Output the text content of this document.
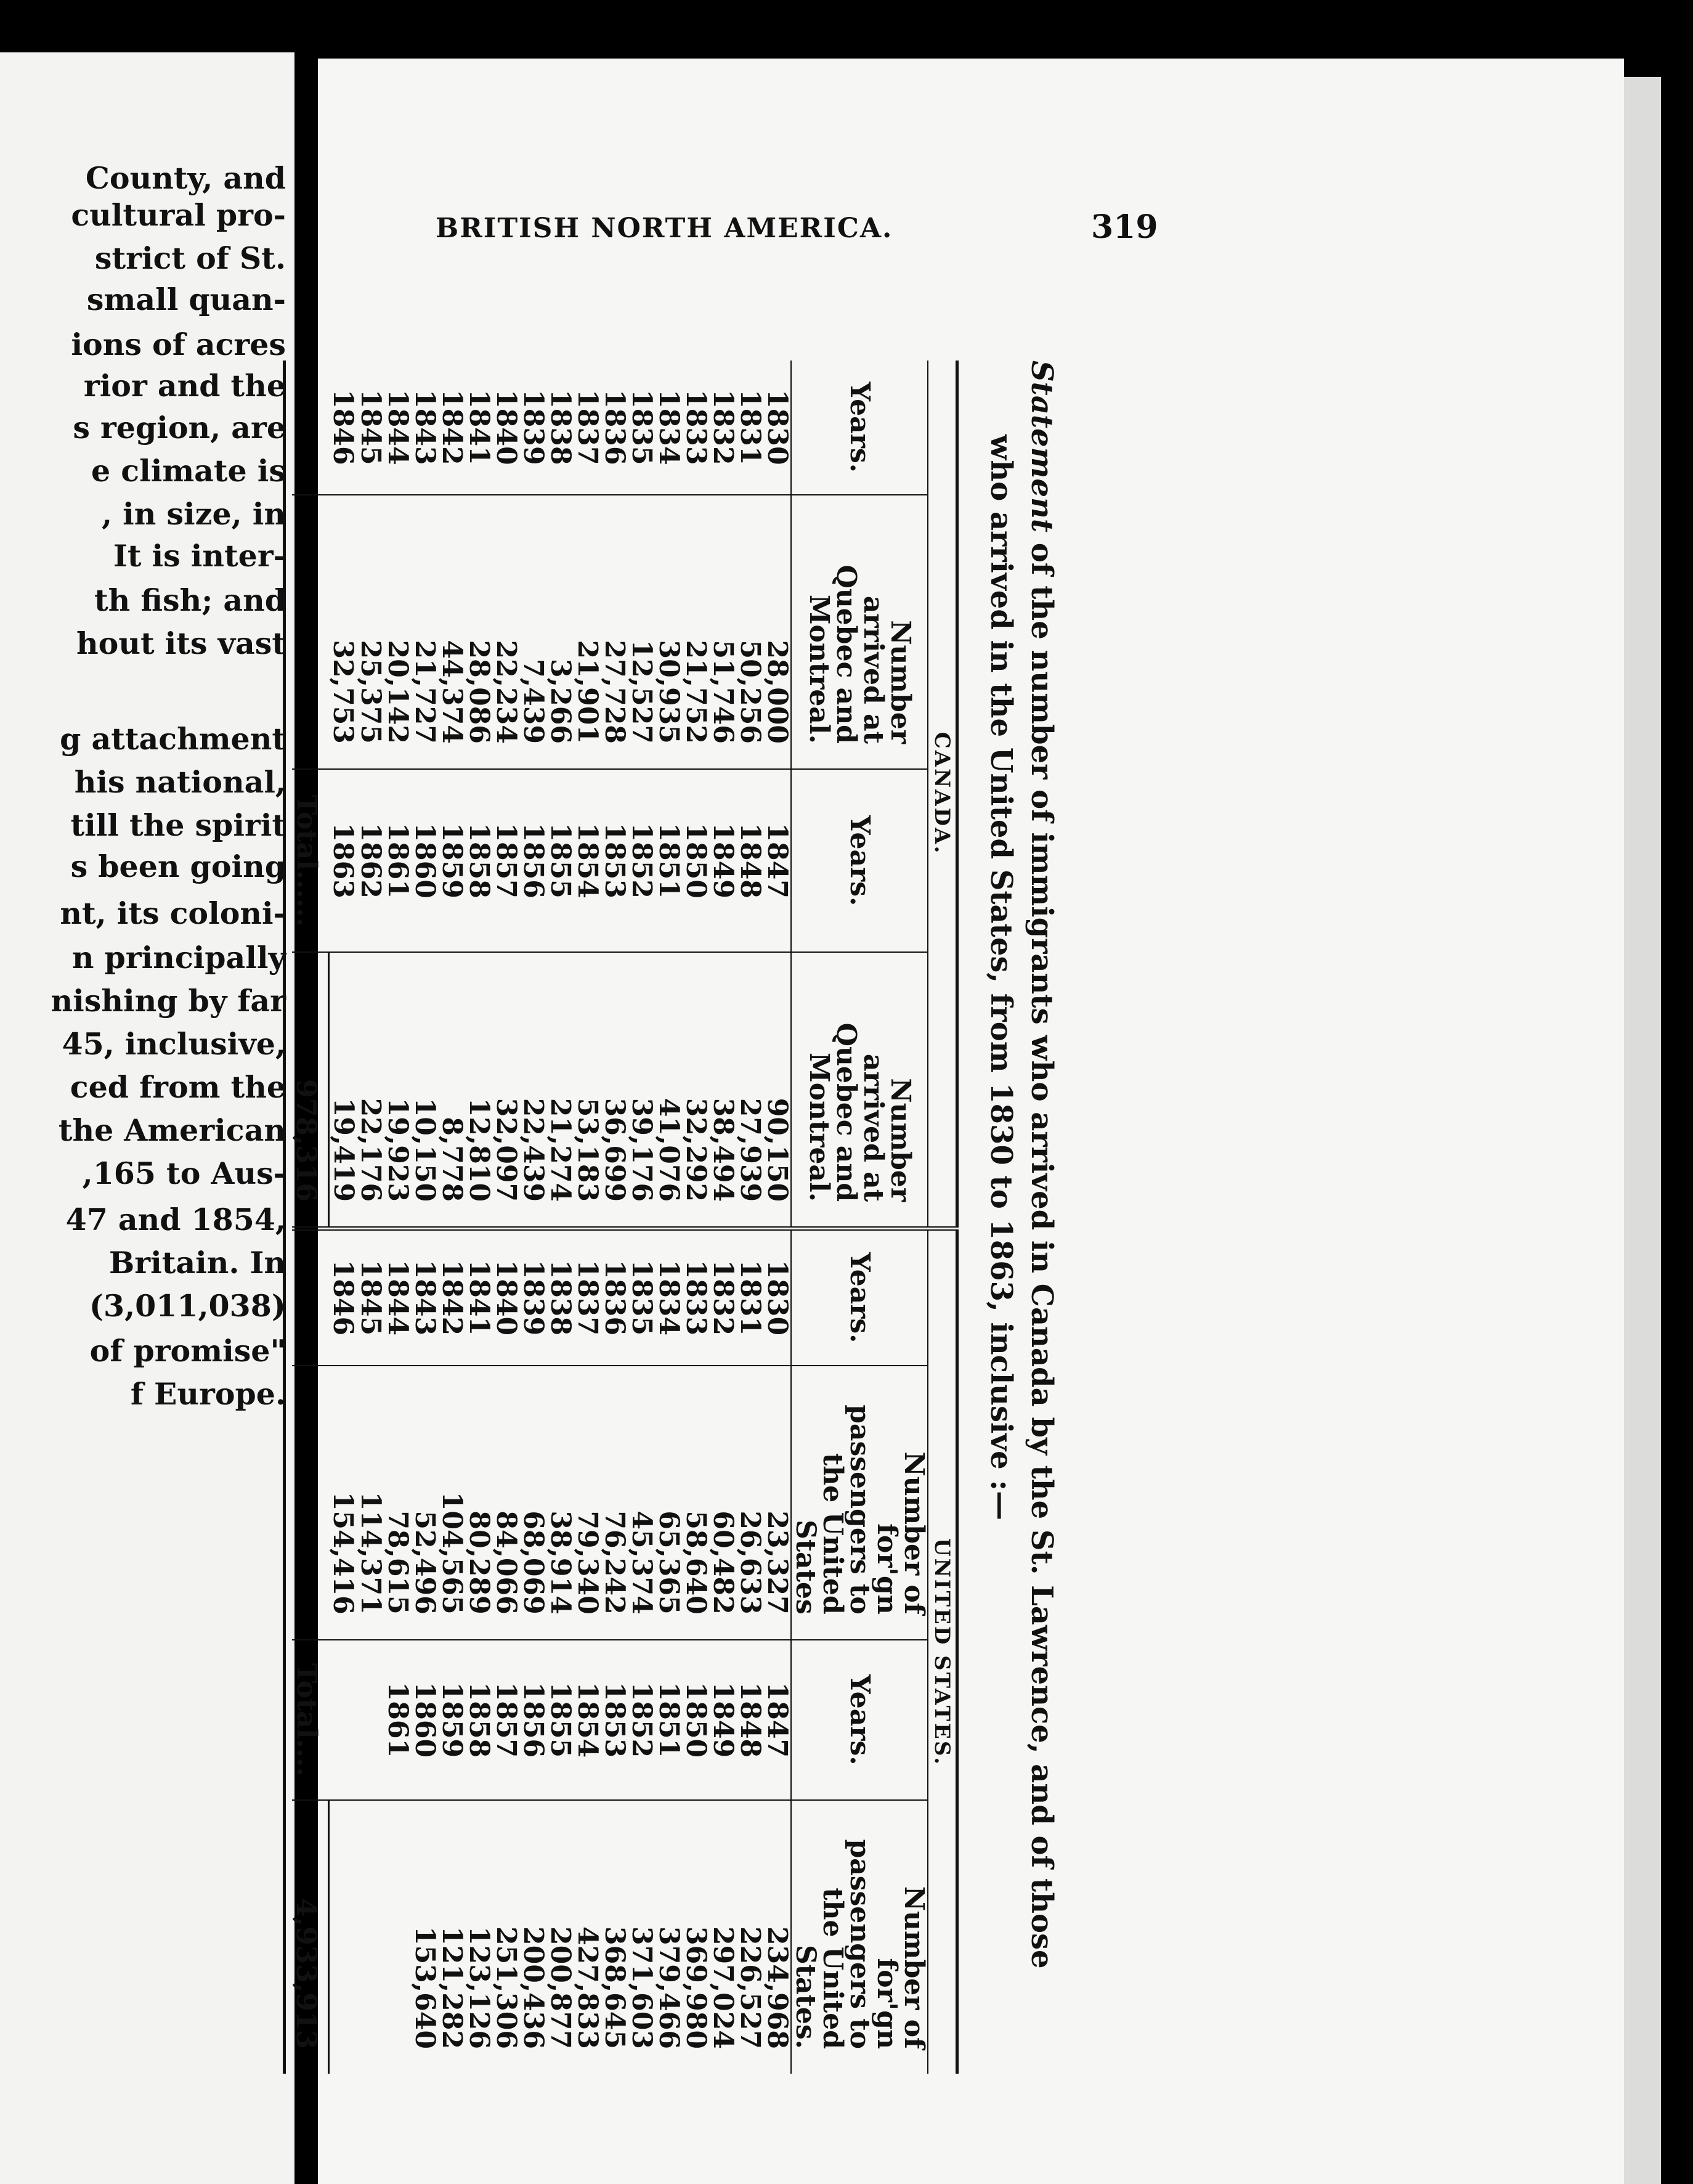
County, and
cultural pro-
strict of St.
small quan-
ions of acres
rior and the
s region, are
e climate is
, in size, in
It is inter-
th fish; and
hout its vast
g attachment
his national,
till the spirit
s been going
nt, its coloni-
n principally
nishing by far
45, inclusive,
ced from the
the American
,165 to Aus-
47 and 1854,
Britain. In
(3,011,038)
of promise"
f Europe.
BRITISH NORTH AMERICA.	319
Statement of the number of immigrants who arrived in Canada by the St. Lawrence, and of those
who arrived in the United States, from 1830 to 1863, inclusive :—
CANADA.				UNITED STATES.			
Years.	Number arrived at Quebec and Montreal.	Years.	Number arrived at Quebec and Montreal.	Years.	Number of for'gn passengers to the United States	Years.	Number of for'gn passengers to the United States.
1830	28,000	1847	90,150	1830	23,327	1847	234,968
1831	50,256	1848	27,939	1831	26,633	1848	226,527
1832	51,746	1849	38,494	1832	60,482	1849	297,024
1833	21,752	1850	32,292	1833	58,640	1850	369,980
1834	30,935	1851	41,076	1834	65,365	1851	379,466
1835	12,527	1852	39,176	1835	45,374	1852	371,603
1836	27,728	1853	36,699	1836	76,242	1853	368,645
1837	21,901	1854	53,183	1837	79,340	1854	427,833
1838	3,266	1855	21,274	1838	38,914	1855	200,877
1839	7,439	1856	22,439	1839	68,069	1856	200,436
1840	22,234	1857	32,097	1840	84,066	1857	251,306
1841	28,086	1858	12,810	1841	80,289	1858	123,126
1842	44,374	1859	8,778	1842	104,565	1859	121,282
1843	21,727	1860	10,150	1843	52,496	1860	153,640
1844	20,142	1861	19,923	1844	78,615	1861	
1845	25,375	1862	22,176	1845	114,371		
1846	32,753	1863	19,419	1846	154,416		
		Total......	978,316			Total....	4,933,913
